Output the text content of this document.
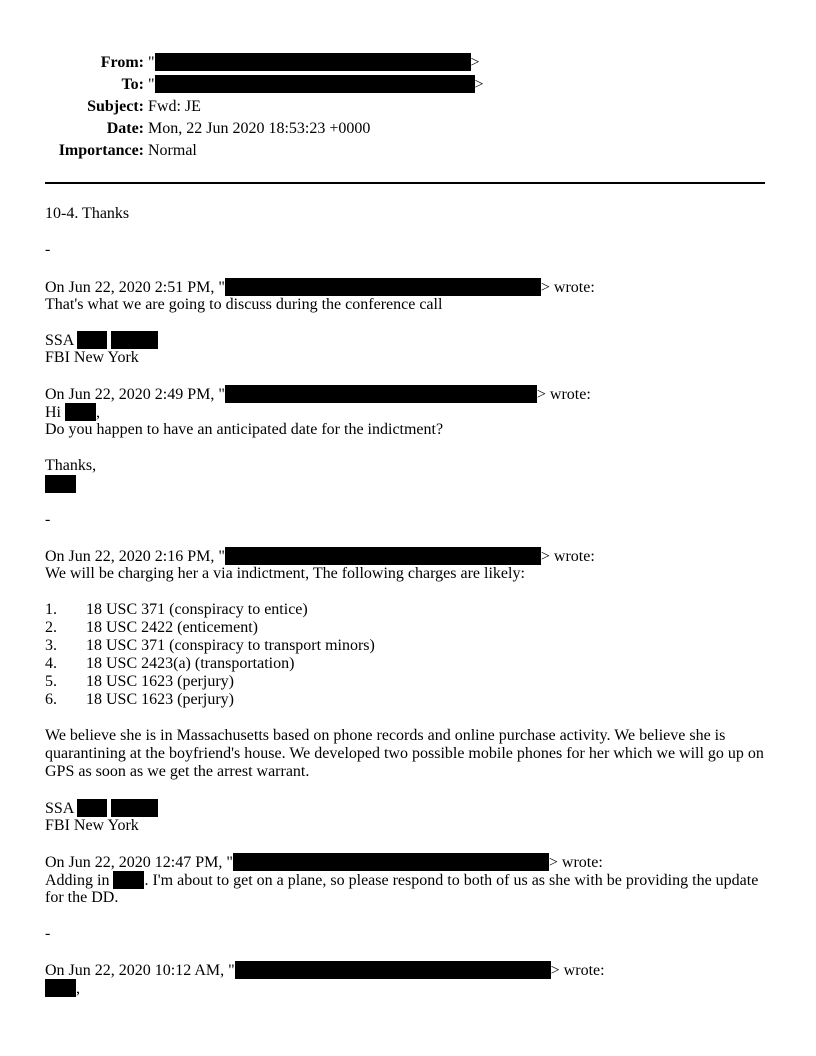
From: "	>
To: "	>
Subject: Fwd: JE
Date: Mon, 22 Jun 2020 18:53:23 +0000
Importance: Normal
10-4. Thanks
-
On Jun 22, 2020 2:51 PM, "	> wrote:
That's what we are going to discuss during the conference call
SSA
FBI New York
On Jun 22, 2020 2:49 PM, "	> wrote:
Hi ,
Do you happen to have an anticipated date for the indictment?
Thanks,
-
On Jun 22, 2020 2:16 PM, "	> wrote:
We will be charging her a via indictment, The following charges are likely:
1. 18 USC 371 (conspiracy to entice)
2. 18 USC 2422 (enticement)
3. 18 USC 371 (conspiracy to transport minors)
4. 18 USC 2423(a) (transportation)
5. 18 USC 1623 (perjury)
6. 18 USC 1623 (perjury)
We believe she is in Massachusetts based on phone records and online purchase activity. We believe she is quarantining at the boyfriend's house. We developed two possible mobile phones for her which we will go up on GPS as soon as we get the arrest warrant.
SSA
FBI New York
On Jun 22, 2020 12:47 PM, "	> wrote:
Adding in . I'm about to get on a plane, so please respond to both of us as she with be providing the update
for the DD.
-
On Jun 22, 2020 10:12 AM, "	> wrote:
,
